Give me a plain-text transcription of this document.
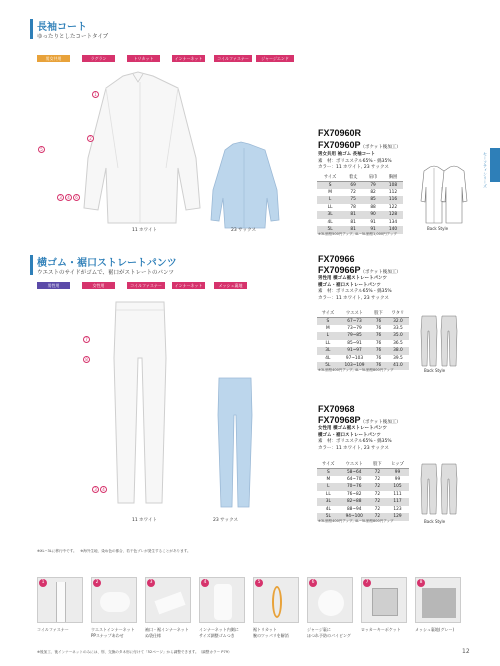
セーフティシリーズ
長袖コート
ゆったりとしたコートタイプ
男女共用	ラグラン	トリカット	インナーネット	コイルファスナー	ジャージエンド
11 ホワイト	23 サックス
1
2
5
3	4	6
FX70960R
FX70960P（ポケット後加工）
男女共用 袖ゴム 長袖コート
素　材：ポリエステル65%・綿35%
カラー：11 ホワイト, 23 サックス
サイズ	着丈	肩巾	胸囲
S	69	79	108
M	72	82	112
L	75	85	116
LL	78	88	122
3L	81	90	128
4L	81	91	134
5L	81	91	140
※3L価格500円アップ, 4L~5L価格1,000円アップ
Back Style
横ゴム・裾口ストレートパンツ
ウエストのサイドがゴムで、裾口がストレートのパンツ
男性用	女性用	コイルファスナー	インナーネット	メッシュ裏地
11 ホワイト	23 サックス
7
8
3	4
FX70966
FX70966P（ポケット後加工）
男性用 横ゴム裾ストレートパンツ
横ゴム・裾口ストレートパンツ
素　材：ポリエステル65%・綿35%
カラー：11 ホワイト, 23 サックス
サイズ	ウエスト	股下	ワタリ
S	67~73	76	32.0
M	73~79	76	33.5
L	79~85	76	35.0
LL	85~91	76	36.5
3L	91~97	76	38.0
4L	97~103	76	39.5
5L	103~109	76	41.0
※3L価格400円アップ, 4L~5L価格800円アップ	Back Style
FX70968
FX70968P（ポケット後加工）
女性用 横ゴム裾ストレートパンツ
横ゴム・裾口ストレートパンツ
素　材：ポリエステル65%・綿35%
カラー：11 ホワイト, 23 サックス
サイズ	ウエスト	股下	ヒップ
S	58~64	72	99
M	64~70	72	99
L	70~76	72	105
LL	76~82	72	111
3L	82~88	72	117
4L	88~94	72	123
5L	94~100	72	129
※3L価格400円アップ, 4L~5L価格800円アップ	Back Style
※XL~3Lに移行中です。　※海外生地、染め色の都合、若干色ブレが発生することがあります。
1	2	3	4	5	6	7	8
コイルファスナー	ウエストインナーネット
PPスナップあわせ
袖口・裾インナーネット
ぬ袋仕様
インナーネット内側に
サイズ調整ゴムつき
裾トリカット
腕のツッパリを解消
ジャージ裏に
ほつれ予防のパイピング
ロッカーキーポケット	メッシュ裏地(グレー)
※後加工、後インナーネットのみには、別、交換のタネ形に付けて「52ページ」から調整できます。（調整カラー P79）	12
